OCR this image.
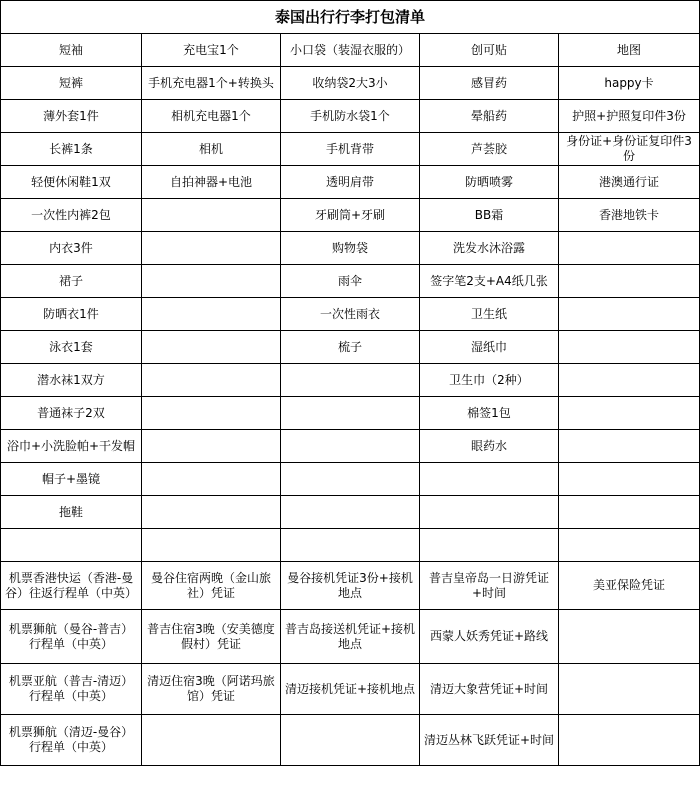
泰国出行行李打包清单				
短袖	充电宝1个	小口袋（装湿衣服的）	创可贴	地图
短裤	手机充电器1个+转换头	收纳袋2大3小	感冒药	happy卡
薄外套1件	相机充电器1个	手机防水袋1个	晕船药	护照+护照复印件3份
长裤1条	相机	手机背带	芦荟胶	身份证+身份证复印件3份
轻便休闲鞋1双	自拍神器+电池	透明肩带	防晒喷雾	港澳通行证
一次性内裤2包		牙刷筒+牙刷	BB霜	香港地铁卡
内衣3件		购物袋	洗发水沐浴露	
裙子		雨伞	签字笔2支+A4纸几张	
防晒衣1件		一次性雨衣	卫生纸	
泳衣1套		梳子	湿纸巾	
潜水袜1双方			卫生巾（2种）	
普通袜子2双			棉签1包	
浴巾+小洗脸帕+干发帽			眼药水	
帽子+墨镜				
拖鞋				

机票香港快运（香港-曼谷）往返行程单（中英）	曼谷住宿两晚（金山旅社）凭证	曼谷接机凭证3份+接机地点	普吉皇帝岛一日游凭证+时间	美亚保险凭证
机票狮航（曼谷-普吉）行程单（中英）	普吉住宿3晚（安美德度假村）凭证	普吉岛接送机凭证+接机地点	西蒙人妖秀凭证+路线	
机票亚航（普吉-清迈）行程单（中英）	清迈住宿3晚（阿诺玛旅馆）凭证	清迈接机凭证+接机地点	清迈大象营凭证+时间	
机票狮航（清迈-曼谷）行程单（中英）			清迈丛林飞跃凭证+时间	
